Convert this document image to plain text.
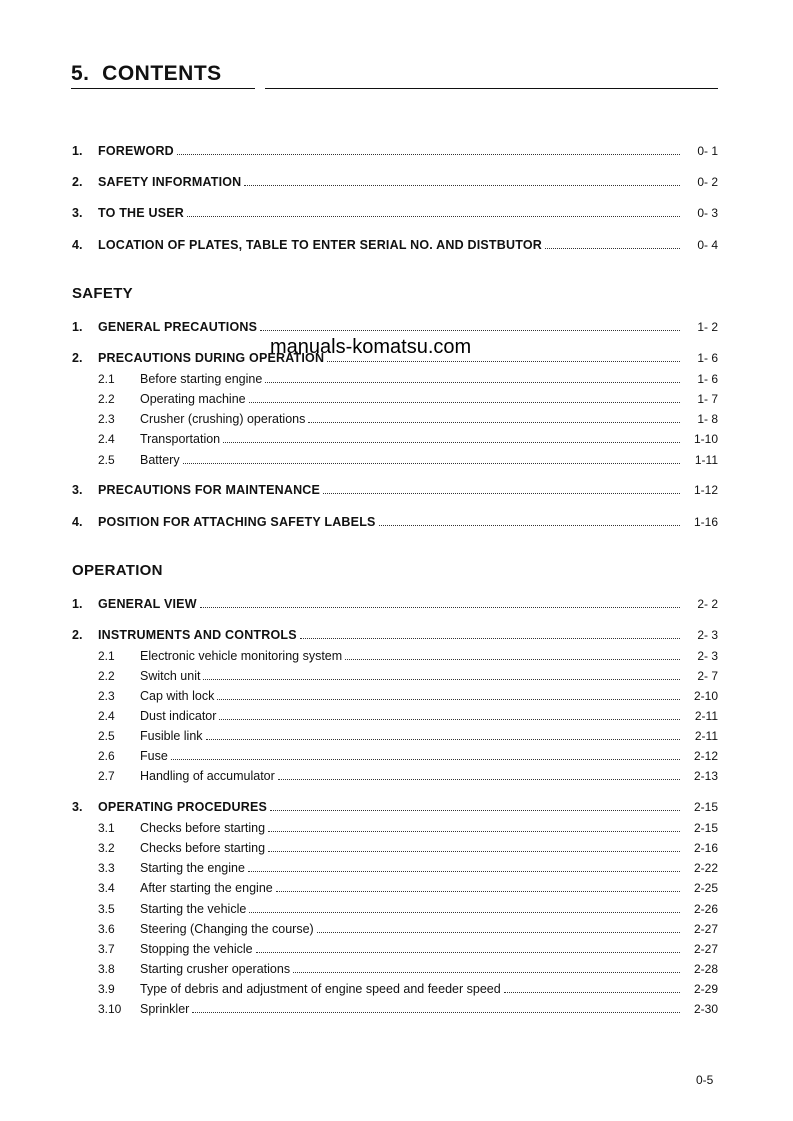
5.  CONTENTS
1.	FOREWORD	0- 1
2.	SAFETY INFORMATION	0- 2
3.	TO THE USER	0- 3
4.	LOCATION OF PLATES, TABLE TO ENTER SERIAL NO. AND DISTBUTOR	0- 4
SAFETY
1.	GENERAL PRECAUTIONS	1- 2
2.	PRECAUTIONS DURING OPERATION	1- 6
2.1	Before starting engine	1- 6
2.2	Operating machine	1- 7
2.3	Crusher (crushing) operations	1- 8
2.4	Transportation	1-10
2.5	Battery	1-11
3.	PRECAUTIONS FOR MAINTENANCE	1-12
4.	POSITION FOR ATTACHING SAFETY LABELS	1-16
manuals-komatsu.com
OPERATION
1.	GENERAL VIEW	2- 2
2.	INSTRUMENTS AND CONTROLS	2- 3
2.1	Electronic vehicle monitoring system	2- 3
2.2	Switch unit	2- 7
2.3	Cap with lock	2-10
2.4	Dust indicator	2-11
2.5	Fusible link	2-11
2.6	Fuse	2-12
2.7	Handling of accumulator	2-13
3.	OPERATING PROCEDURES	2-15
3.1	Checks before starting	2-15
3.2	Checks before starting	2-16
3.3	Starting the engine	2-22
3.4	After starting the engine	2-25
3.5	Starting the vehicle	2-26
3.6	Steering (Changing the course)	2-27
3.7	Stopping the vehicle	2-27
3.8	Starting crusher operations	2-28
3.9	Type of debris and adjustment of engine speed and feeder speed	2-29
3.10	Sprinkler	2-30
0-5
